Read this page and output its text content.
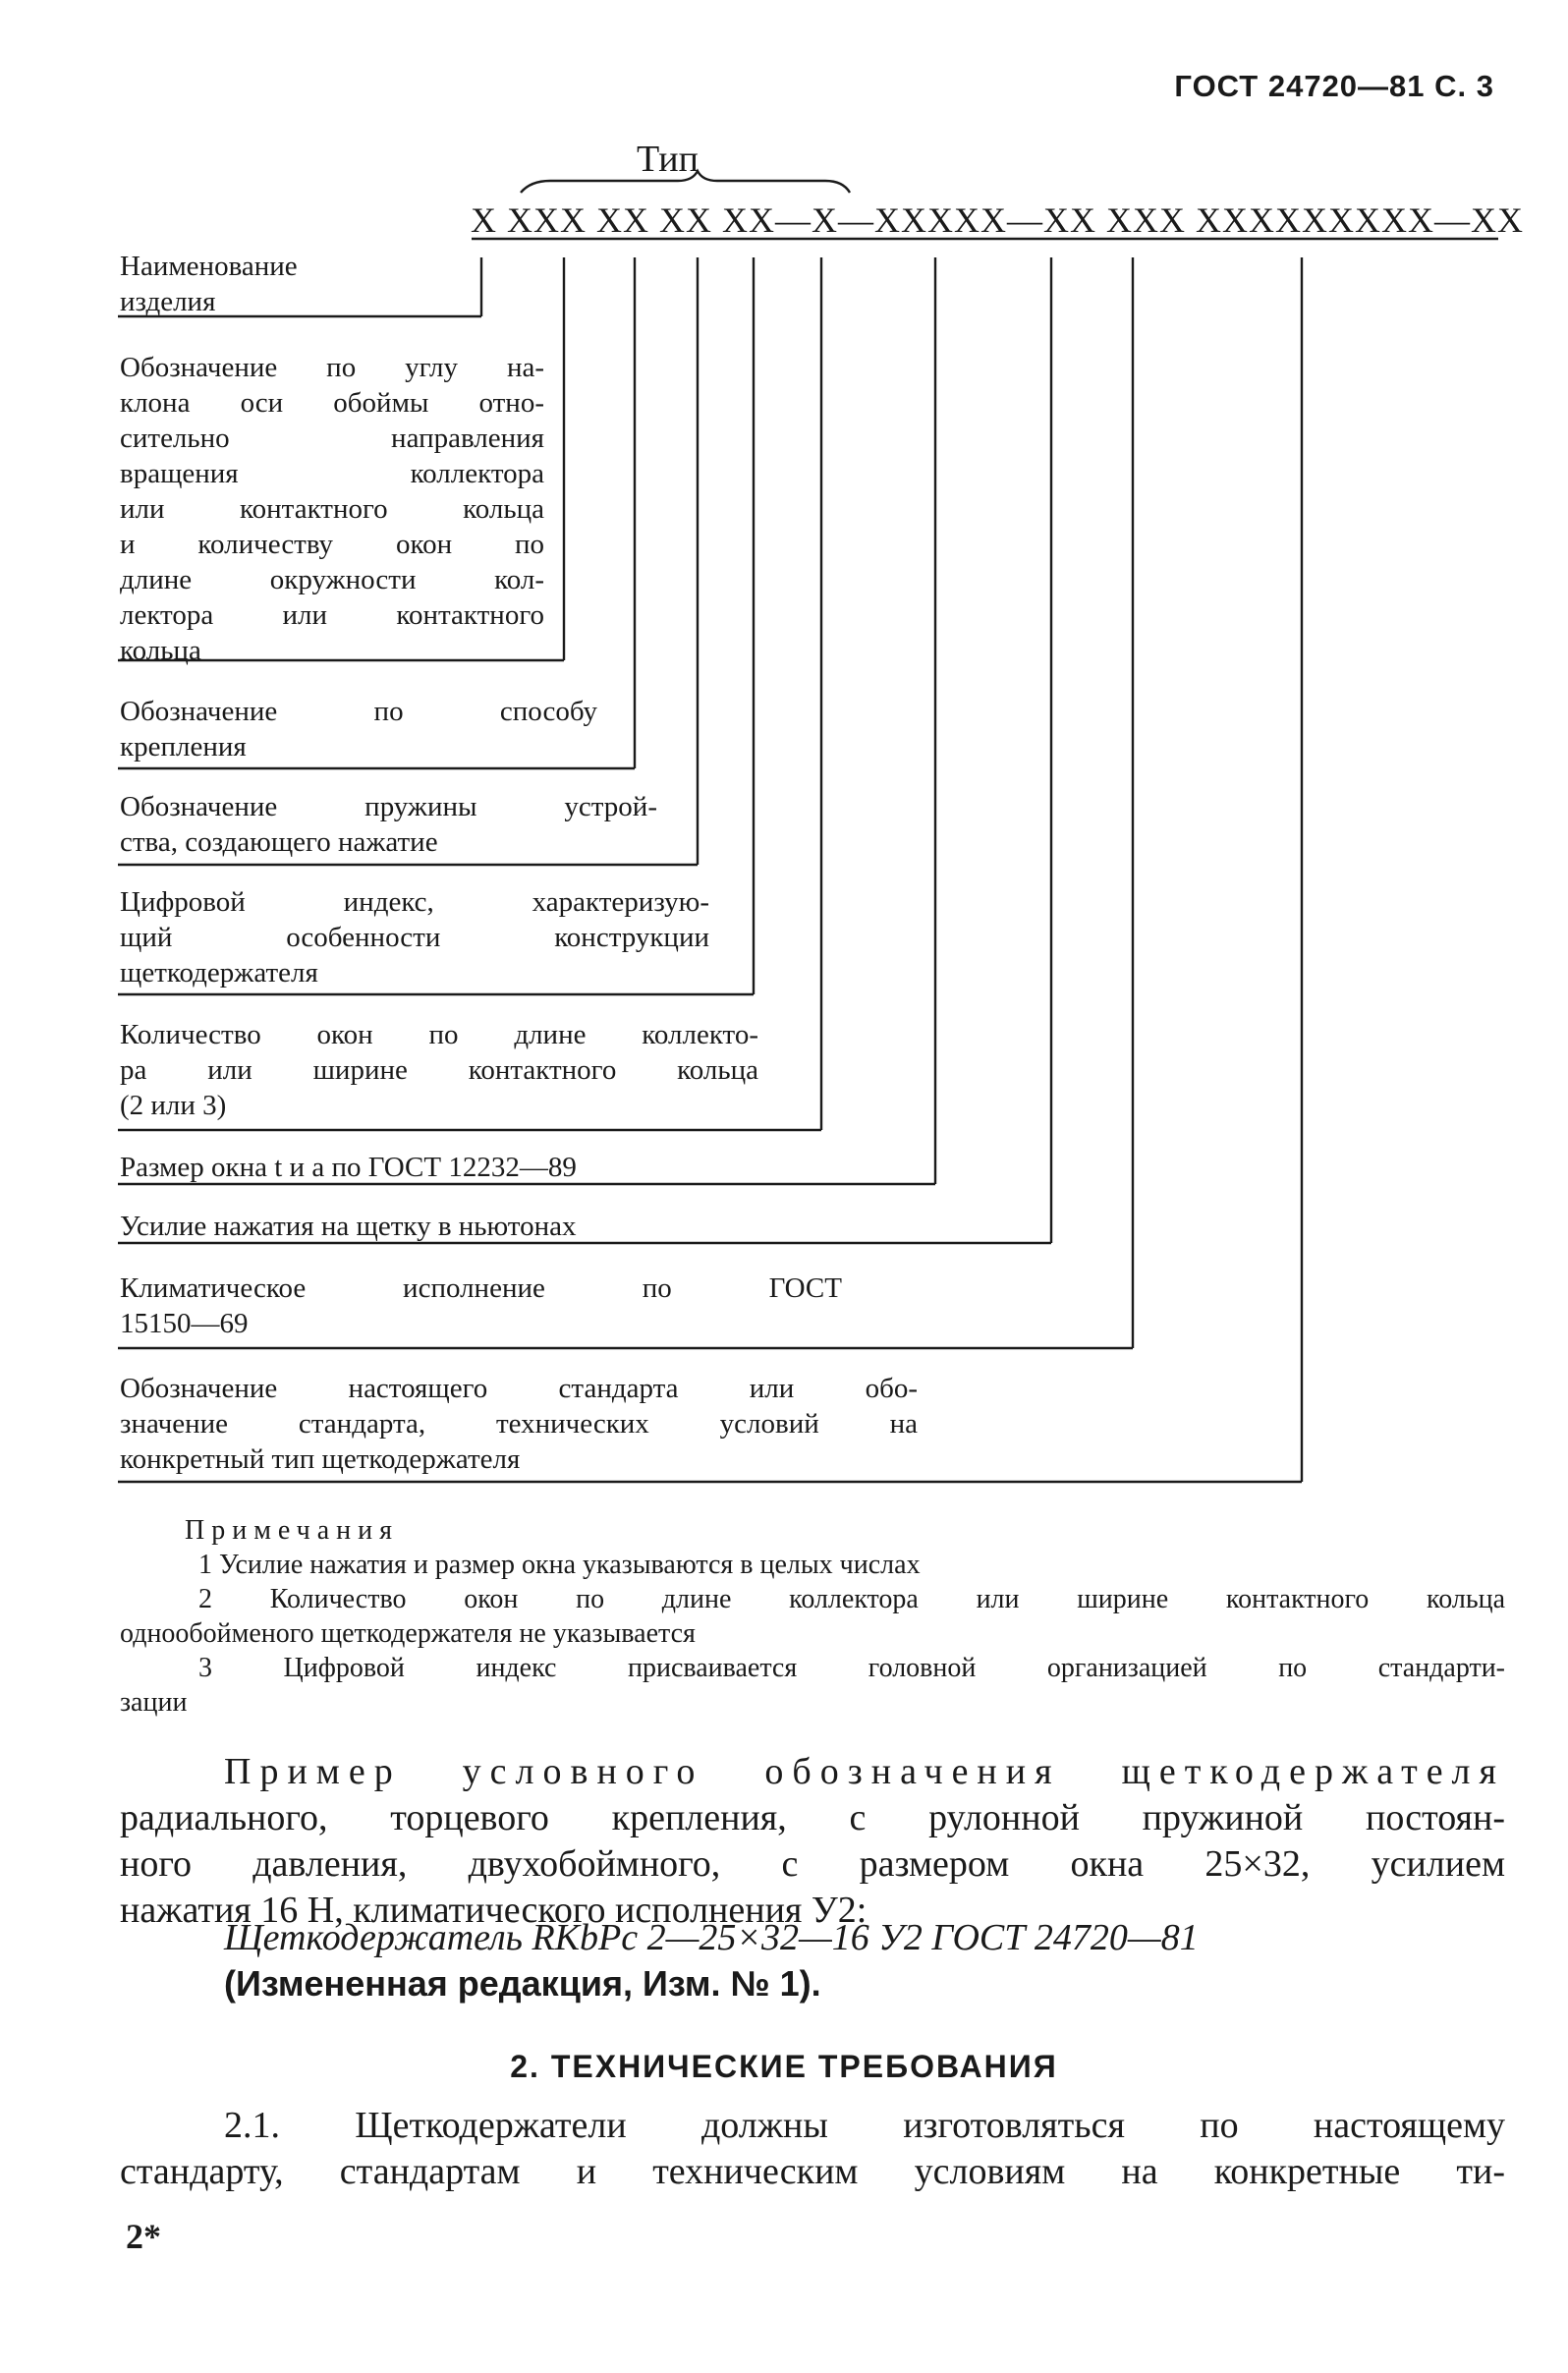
ГОСТ 24720—81 С. 3
Тип
X XXX XX XX XX—X—XXXXX—XX XXX XXXXXXXXX—XX
Наименование
изделия
Обозначение по углу на-
клона оси обоймы отно-
сительно направления
вращения коллектора
или контактного кольца
и количеству окон по
длине окружности кол-
лектора или контактного
кольца
Обозначение по способу
крепления
Обозначение пружины устрой-
ства, создающего нажатие
Цифровой индекс, характеризую-
щий особенности конструкции
щеткодержателя
Количество окон по длине коллекто-
ра или ширине контактного кольца
(2 или 3)
Размер окна t и a по ГОСТ 12232—89
Усилие нажатия на щетку в ньютонах
Климатическое исполнение по ГОСТ
15150—69
Обозначение настоящего стандарта или обо-
значение стандарта, технических условий на
конкретный тип щеткодержателя
Примечания
1 Усилие нажатия и размер окна указываются в целых числах
2 Количество окон по длине коллектора или ширине контактного кольца
однообойменого щеткодержателя не указывается
3 Цифровой индекс присваивается головной организацией по стандарти-
зации
Пример условного обозначения щеткодержателя
радиального, торцевого крепления, с рулонной пружиной постоян-
ного давления, двухобоймного, с размером окна 25×32, усилием
нажатия 16 Н, климатического исполнения У2:
Щеткодержатель RKbPc 2—25×32—16 У2 ГОСТ 24720—81
(Измененная редакция, Изм. № 1).
2. ТЕХНИЧЕСКИЕ ТРЕБОВАНИЯ
2.1. Щеткодержатели должны изготовляться по настоящему
стандарту, стандартам и техническим условиям на конкретные ти-
2*
